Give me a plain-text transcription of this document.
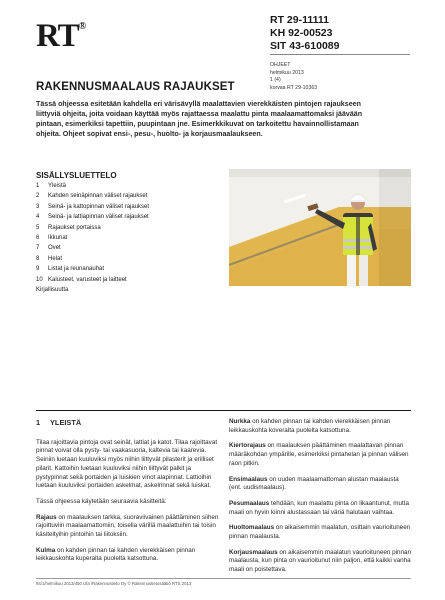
RT®
RT 29-11111
KH 92-00523
SIT 43-610089
OHJEET
helmikuu 2013
1 (4)
korvaa RT 29-10363
RAKENNUSMAALAUS RAJAUKSET

Tässä ohjeessa esitetään kahdella eri värisävyllä maalattavien vierekkäisten pintojen rajaukseen liittyviä ohjeita, joita voidaan käyttää myös rajattaessa maalattu pinta maalaamattomaksi jäävään pintaan, esimerkiksi tapettiin, puupintaan jne. Esimerkkikuvat on tarkoitettu havainnollistamaan ohjeita. Ohjeet sopivat ensi-, pesu-, huolto- ja korjausmaalaukseen.

SISÄLLYSLUETTELO
1	Yleistä
2	Kahden seinäpinnan väliset rajaukset
3	Seinä- ja kattopinnan väliset rajaukset
4	Seinä- ja lattiapinnan väliset rajaukset
5	Rajaukset portaissa
6	Ikkunat
7	Ovet
8	Helat
9	Listat ja reunanauhat
10 Kalusteet, varusteet ja laitteet
Kirjallisuutta
1	YLEISTÄ
Tilaa rajoittavia pintoja ovat seinät, lattiat ja katot. Tilaa rajoittavat pinnat voivat olla pysty- tai vaakasuoria, kaltevia tai kaarevia. Seiniin luetaan kuuluviksi myös niihin liittyvät pilasterit ja erilliset pilarit. Kattoihin luetaan kuuluviksi niihin liittyvät palkit ja pystypinnat sekä portaiden ja luiskien vinot alapinnat. Lattioihin luetaan kuuluviksi portaiden askelmat, askelrinnat sekä luiskat.
Tässä ohjeessa käytetään seuraavia käsitteitä:
Rajaus on maalauksen tarkka, suoraviivainen päättäminen siihen rajoittuviin maalaamattomiin, toisella värillä maalattuihin tai toisin käsiteltyihin pintoihin tai liitoksiin.
Kulma on kahden pinnan tai kahden vierekkäisen pinnan leikkauskohta kuperalta puolelta katsottuna.
Nurkka on kahden pinnan tai kahden vierekkäisen pinnan leikkauskohta koveralta puolelta katsottuna.
Kiertorajaus on maalauksen päättäminen maalattavan pinnan määräkohdan ympärille, esimerkiksi pintahelan ja pinnan välisen raon pitkin.
Ensimaalaus on uuden maalaamattoman alustan maalausta (ent. uudismaalaus).
Pesumaalaus tehdään, kun maalattu pinta on likaantunut, mutta maali on hyvin kiinni alustassaan tai väriä halutaan vaihtaa.
Huoltomaalaus on aikaisemmin maalatun, osittain vaurioituneen pinnan maalausta.
Korjausmaalaus on aikaisemmin maalatun vaurioituneen pinnan maalausta, kun pinta on vaurioitunut niin paljon, että kaikki vanha maali on poistettava.
94/1/helmikuu 2013/450 Ufa /Rakennustieto Oy © Rakennustietosäätiö RTS 2013
